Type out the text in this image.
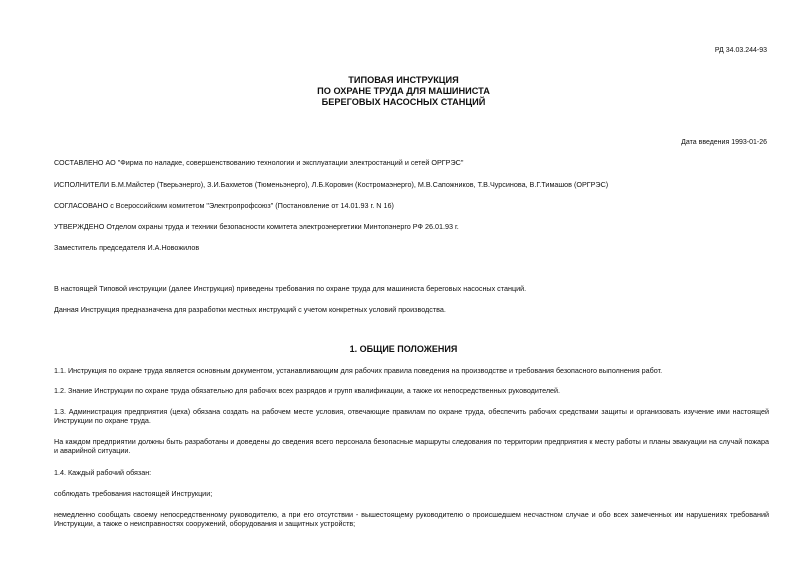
РД 34.03.244-93
ТИПОВАЯ ИНСТРУКЦИЯ
ПО ОХРАНЕ ТРУДА ДЛЯ МАШИНИСТА
БЕРЕГОВЫХ НАСОСНЫХ СТАНЦИЙ
Дата введения 1993-01-26

СОСТАВЛЕНО АО "Фирма по наладке, совершенствованию технологии и эксплуатации электростанций и сетей ОРГРЭС"

ИСПОЛНИТЕЛИ Б.М.Майстер (Тверьэнерго), З.И.Бахметов (Тюменьэнерго), Л.Б.Коровин (Костромаэнерго), М.В.Сапожников, Т.В.Чурсинова, В.Г.Тимашов (ОРГРЭС)

СОГЛАСОВАНО с Всероссийским комитетом "Электропрофсоюз" (Постановление от 14.01.93 г. N 16)

УТВЕРЖДЕНО Отделом охраны труда и техники безопасности комитета электроэнергетики Минтопэнерго РФ 26.01.93 г.

Заместитель председателя И.А.Новожилов

В настоящей Типовой инструкции (далее Инструкция) приведены требования по охране труда для машиниста береговых насосных станций.

Данная Инструкция предназначена для разработки местных инструкций с учетом конкретных условий производства.

1. ОБЩИЕ ПОЛОЖЕНИЯ

1.1. Инструкция по охране труда является основным документом, устанавливающим для рабочих правила поведения на производстве и требования безопасного выполнения работ.

1.2. Знание Инструкции по охране труда обязательно для рабочих всех разрядов и групп квалификации, а также их непосредственных руководителей.

1.3. Администрация предприятия (цеха) обязана создать на рабочем месте условия, отвечающие правилам по охране труда, обеспечить рабочих средствами защиты и организовать изучение ими настоящей Инструкции по охране труда.

На каждом предприятии должны быть разработаны и доведены до сведения всего персонала безопасные маршруты следования по территории предприятия к месту работы и планы эвакуации на случай пожара и аварийной ситуации.

1.4. Каждый рабочий обязан:

соблюдать требования настоящей Инструкции;

немедленно сообщать своему непосредственному руководителю, а при его отсутствии - вышестоящему руководителю о происшедшем несчастном случае и обо всех замеченных им нарушениях требований Инструкции, а также о неисправностях сооружений, оборудования и защитных устройств;
